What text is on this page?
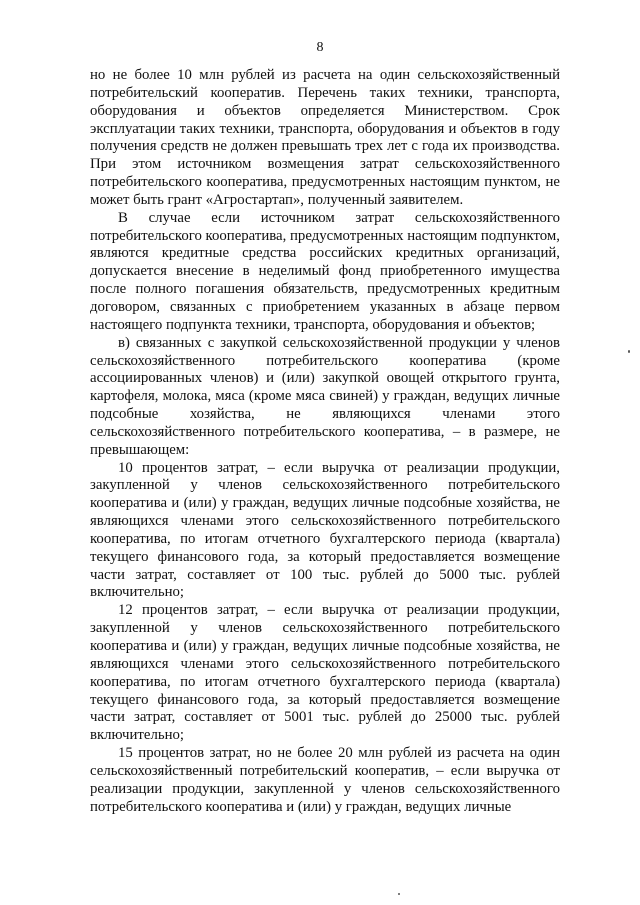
8

но не более 10 млн рублей из расчета на один сельскохозяйственный потребительский кооператив. Перечень таких техники, транспорта, оборудования и объектов определяется Министерством. Срок эксплуатации таких техники, транспорта, оборудования и объектов в году получения средств не должен превышать трех лет с года их производства. При этом источником возмещения затрат сельскохозяйственного потребительского кооператива, предусмотренных настоящим пунктом, не может быть грант «Агростартап», полученный заявителем.

В случае если источником затрат сельскохозяйственного потребительского кооператива, предусмотренных настоящим подпунктом, являются кредитные средства российских кредитных организаций, допускается внесение в неделимый фонд приобретенного имущества после полного погашения обязательств, предусмотренных кредитным договором, связанных с приобретением указанных в абзаце первом настоящего подпункта техники, транспорта, оборудования и объектов;

в) связанных с закупкой сельскохозяйственной продукции у членов сельскохозяйственного потребительского кооператива (кроме ассоциированных членов) и (или) закупкой овощей открытого грунта, картофеля, молока, мяса (кроме мяса свиней) у граждан, ведущих личные подсобные хозяйства, не являющихся членами этого сельскохозяйственного потребительского кооператива, – в размере, не превышающем:

10 процентов затрат, – если выручка от реализации продукции, закупленной у членов сельскохозяйственного потребительского кооператива и (или) у граждан, ведущих личные подсобные хозяйства, не являющихся членами этого сельскохозяйственного потребительского кооператива, по итогам отчетного бухгалтерского периода (квартала) текущего финансового года, за который предоставляется возмещение части затрат, составляет от 100 тыс. рублей до 5000 тыс. рублей включительно;

12 процентов затрат, – если выручка от реализации продукции, закупленной у членов сельскохозяйственного потребительского кооператива и (или) у граждан, ведущих личные подсобные хозяйства, не являющихся членами этого сельскохозяйственного потребительского кооператива, по итогам отчетного бухгалтерского периода (квартала) текущего финансового года, за который предоставляется возмещение части затрат, составляет от 5001 тыс. рублей до 25000 тыс. рублей включительно;

15 процентов затрат, но не более 20 млн рублей из расчета на один сельскохозяйственный потребительский кооператив, – если выручка от реализации продукции, закупленной у членов сельскохозяйственного потребительского кооператива и (или) у граждан, ведущих личные
